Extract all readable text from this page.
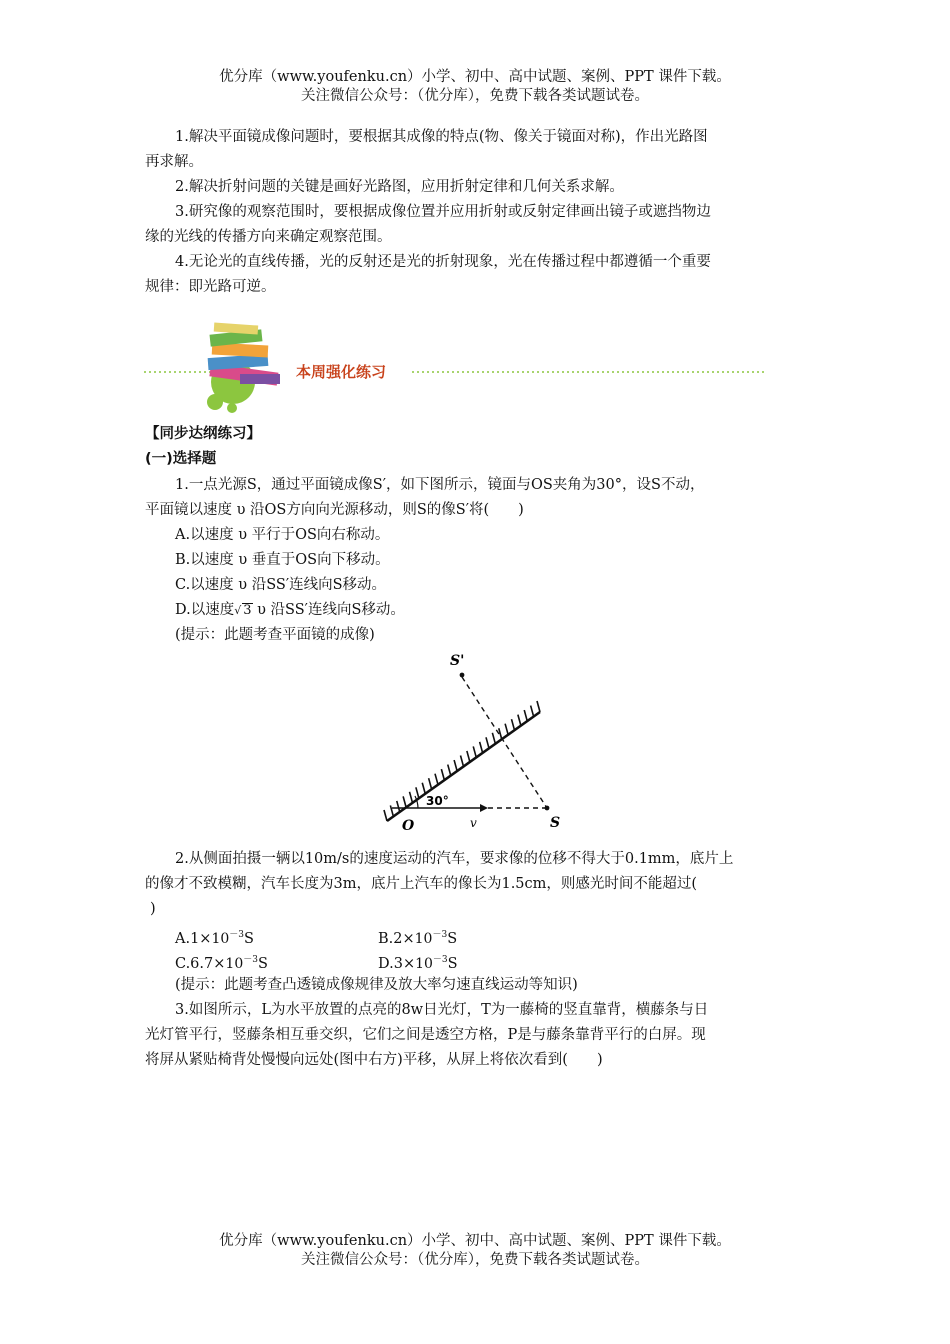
优分库（www.youfenku.cn）小学、初中、高中试题、案例、PPT 课件下载。
关注微信公众号：（优分库），免费下载各类试题试卷。
1.解决平面镜成像问题时，要根据其成像的特点(物、像关于镜面对称)，作出光路图
再求解。
2.解决折射问题的关键是画好光路图，应用折射定律和几何关系求解。
3.研究像的观察范围时，要根据成像位置并应用折射或反射定律画出镜子或遮挡物边
缘的光线的传播方向来确定观察范围。
4.无论光的直线传播，光的反射还是光的折射现象，光在传播过程中都遵循一个重要
规律：即光路可逆。
本周强化练习
【同步达纲练习】
(一)选择题
1.一点光源S，通过平面镜成像S′，如下图所示，镜面与OS夹角为30°，设S不动，
平面镜以速度 υ 沿OS方向向光源移动，则S的像S′将(　　)
A.以速度 υ 平行于OS向右称动。
B.以速度 υ 垂直于OS向下移动。
C.以速度 υ 沿SS′连线向S移动。
D.以速度√ 3 υ 沿SS′连线向S移动。
(提示：此题考查平面镜的成像)
S'
S
O
30°
v
2.从侧面拍摄一辆以10m/s的速度运动的汽车，要求像的位移不得大于0.1mm，底片上
的像才不致模糊，汽车长度为3m，底片上汽车的像长为1.5cm，则感光时间不能超过(
)
$A.1\times 10^{-3}S$	$B.2\times 10^{-3}S$
$C.6.7\times 10^{-3}S$	$D.3\times 10^{-3}S$
(提示：此题考查凸透镜成像规律及放大率匀速直线运动等知识)
3.如图所示，L为水平放置的点亮的8w日光灯，T为一藤椅的竖直靠背，横藤条与日
光灯管平行，竖藤条相互垂交织，它们之间是透空方格，P是与藤条靠背平行的白屏。现
将屏从紧贴椅背处慢慢向远处(图中右方)平移，从屏上将依次看到(　　)
优分库（www.youfenku.cn）小学、初中、高中试题、案例、PPT 课件下载。
关注微信公众号：（优分库），免费下载各类试题试卷。
